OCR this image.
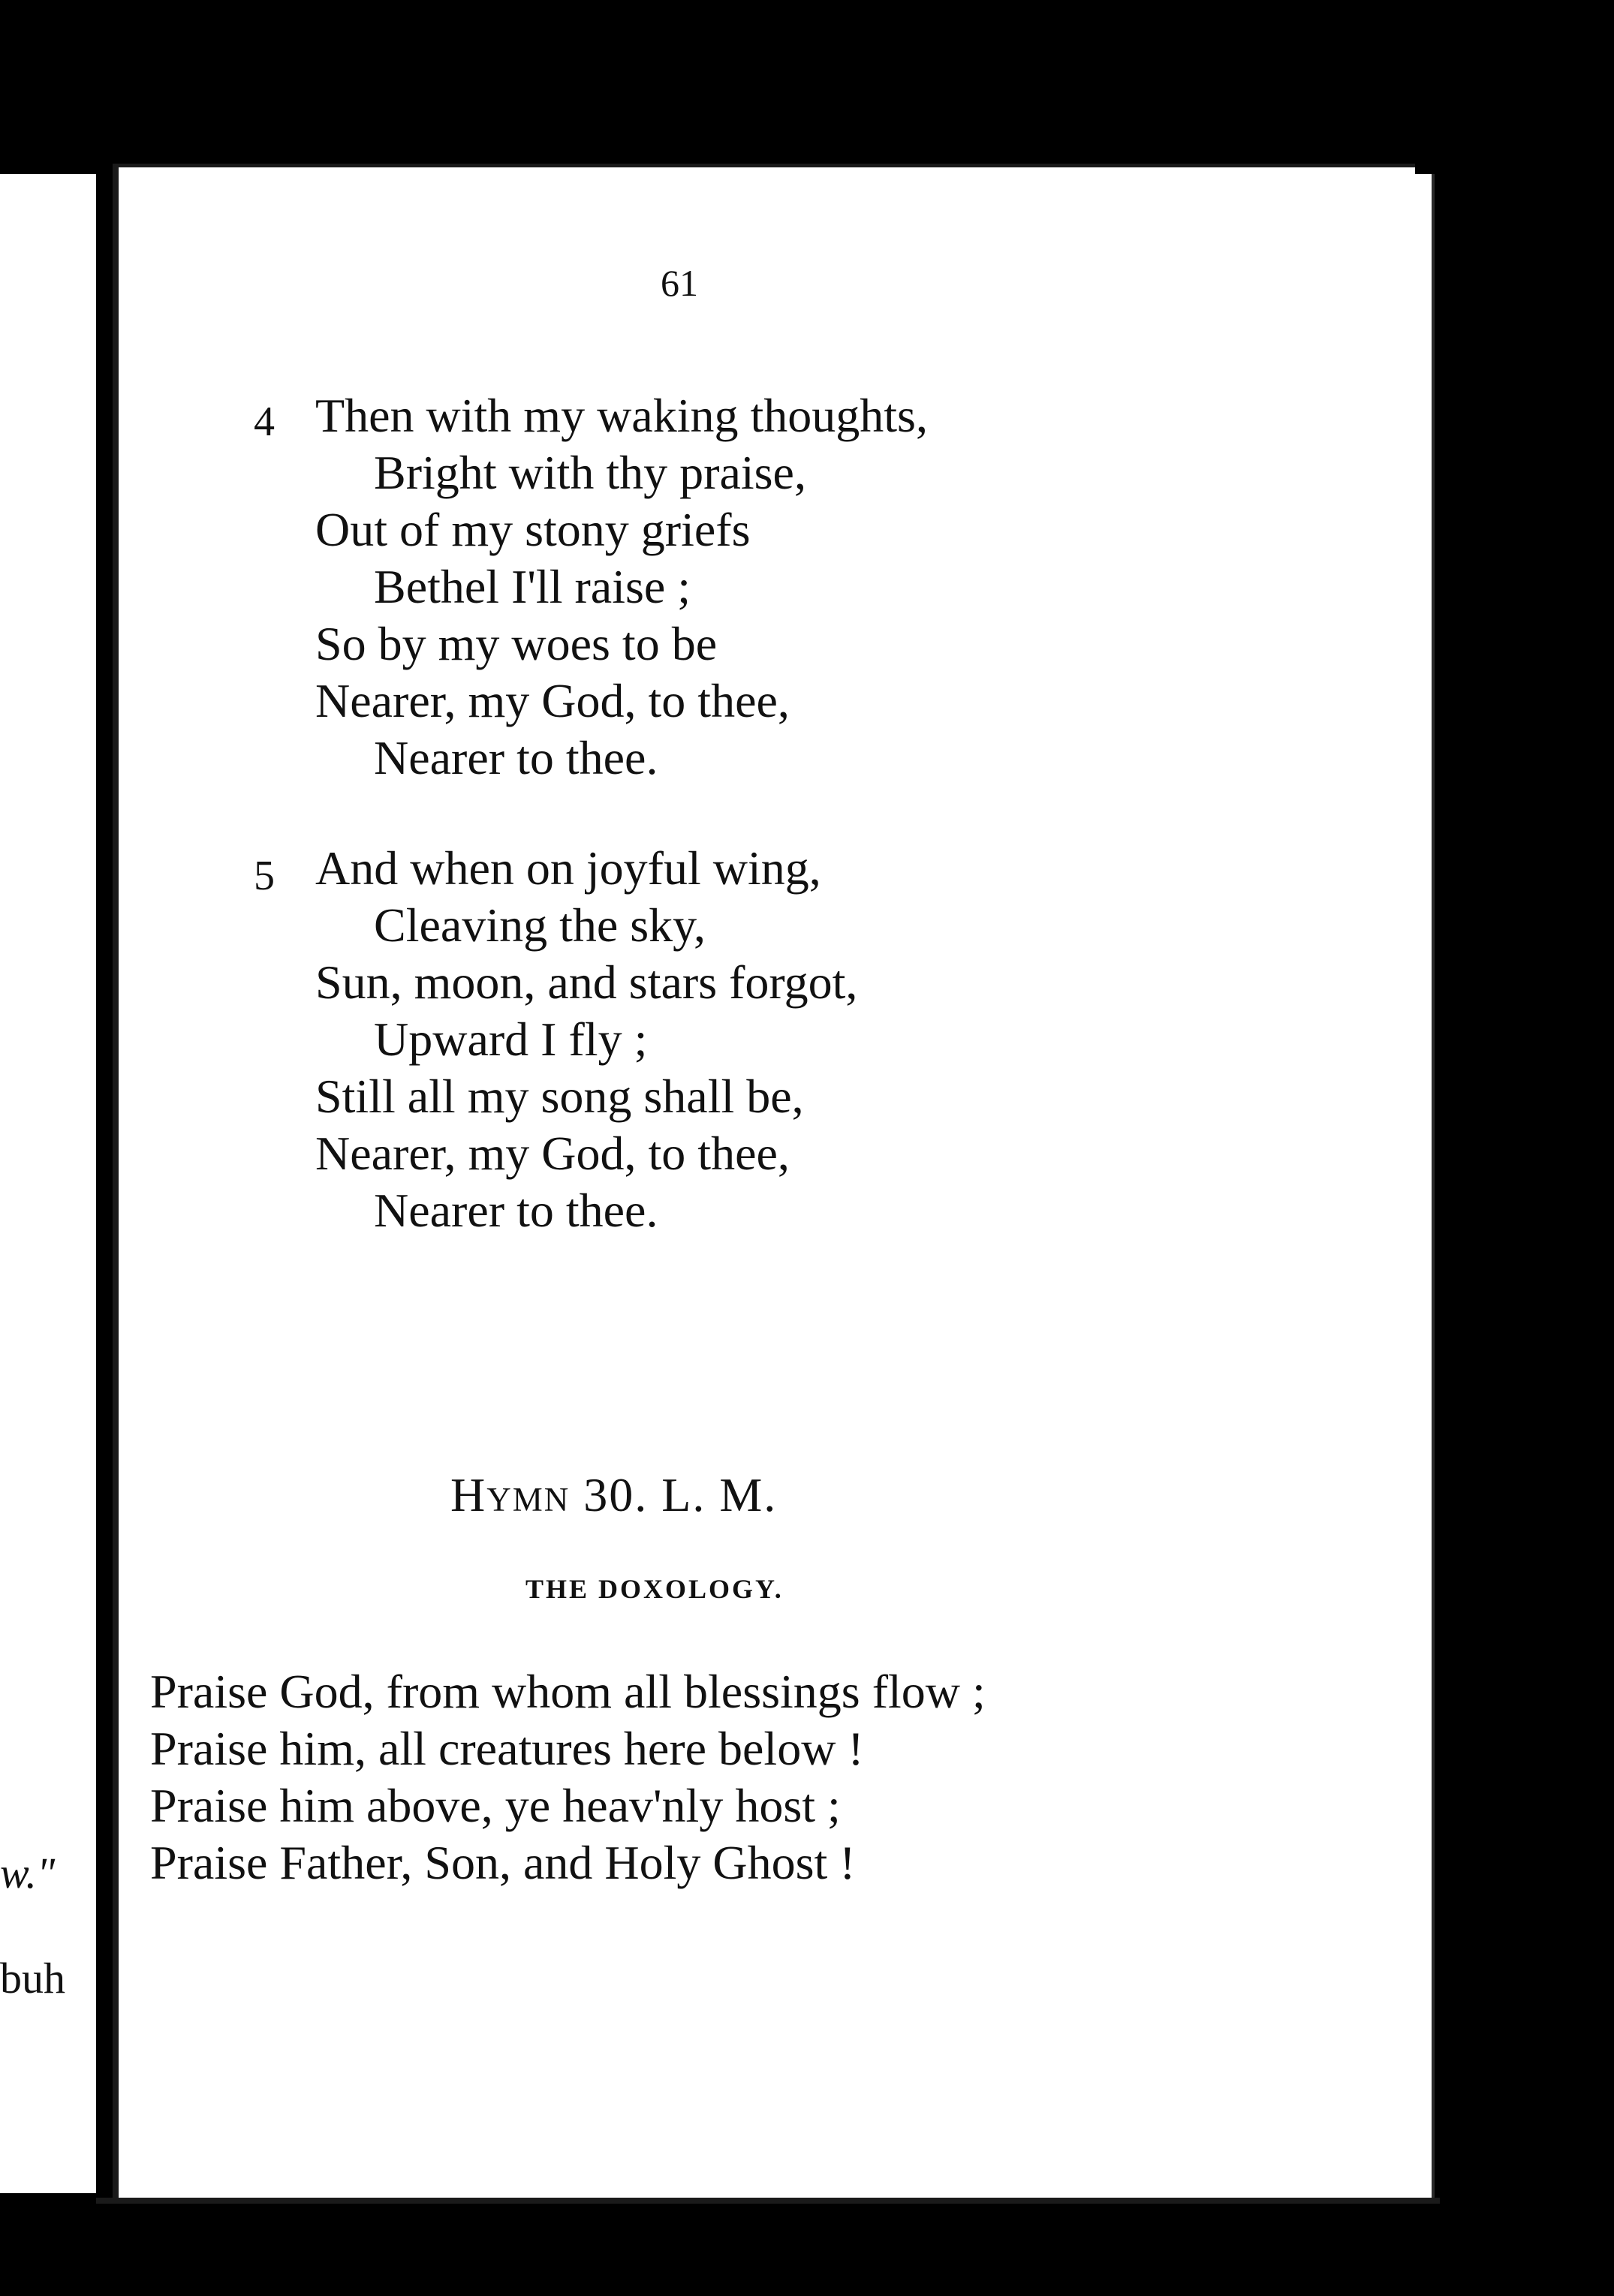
w."
buh
61
4 Then with my waking thoughts,
Bright with thy praise,
Out of my stony griefs
Bethel I'll raise ;
So by my woes to be
Nearer, my God, to thee,
Nearer to thee.
5 And when on joyful wing,
Cleaving the sky,
Sun, moon, and stars forgot,
Upward I fly ;
Still all my song shall be,
Nearer, my God, to thee,
Nearer to thee.
Hymn 30. L. M.
THE DOXOLOGY.
Praise God, from whom all blessings flow ;
Praise him, all creatures here below !
Praise him above, ye heav'nly host ;
Praise Father, Son, and Holy Ghost !
